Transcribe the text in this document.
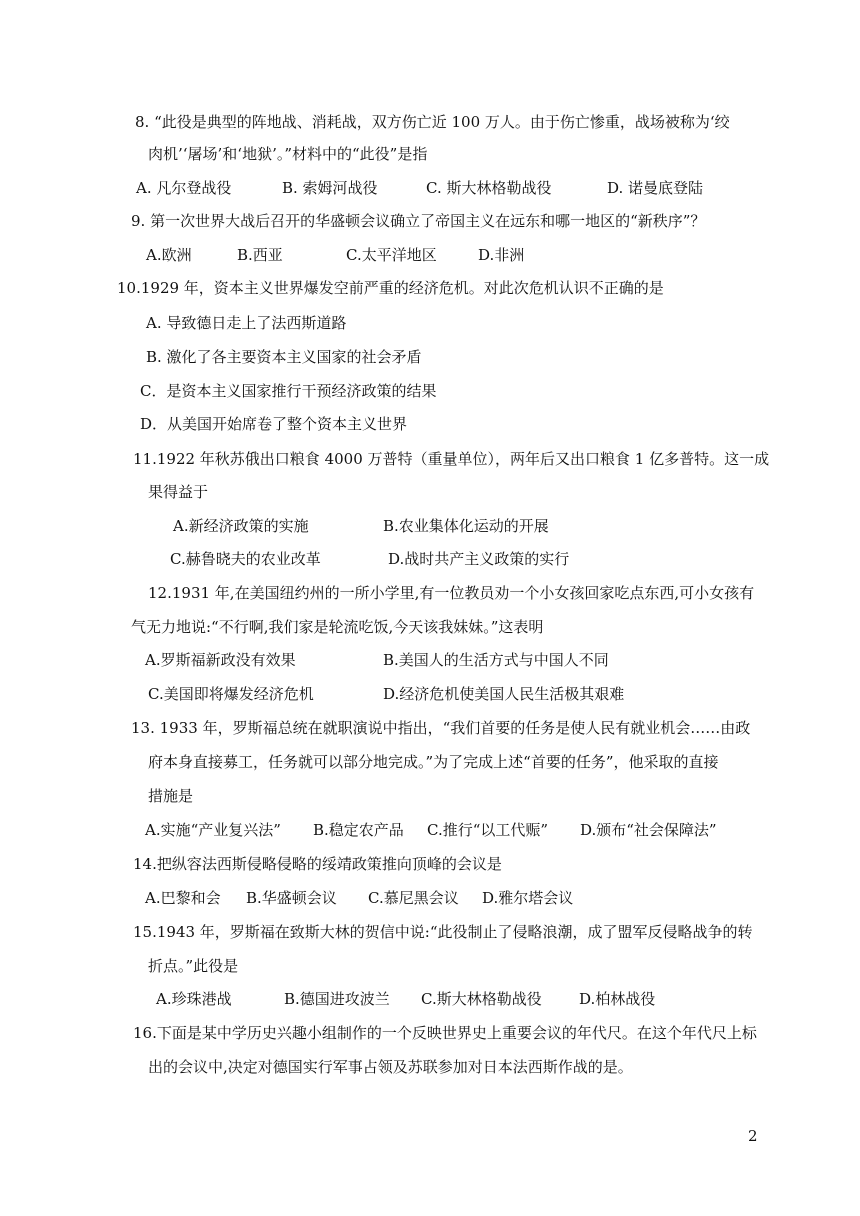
8. “此役是典型的阵地战、消耗战，双方伤亡近 100 万人。由于伤亡惨重，战场被称为‘绞
肉机’‘屠场’和‘地狱’。”材料中的“此役”是指
A. 凡尔登战役	B. 索姆河战役	C. 斯大林格勒战役	D. 诺曼底登陆
9. 第一次世界大战后召开的华盛顿会议确立了帝国主义在远东和哪一地区的“新秩序”？
A.欧洲	B.西亚	C.太平洋地区	D.非洲
10.1929 年，资本主义世界爆发空前严重的经济危机。对此次危机认识不正确的是
A. 导致德日走上了法西斯道路
B. 激化了各主要资本主义国家的社会矛盾
C．是资本主义国家推行干预经济政策的结果
D．从美国开始席卷了整个资本主义世界
11.1922 年秋苏俄出口粮食 4000 万普特（重量单位），两年后又出口粮食 1 亿多普特。这一成
果得益于
A.新经济政策的实施	B.农业集体化运动的开展
C.赫鲁晓夫的农业改革	D.战时共产主义政策的实行
12.1931 年,在美国纽约州的一所小学里,有一位教员劝一个小女孩回家吃点东西,可小女孩有
气无力地说:“不行啊,我们家是轮流吃饭,今天该我妹妹。”这表明
A.罗斯福新政没有效果	B.美国人的生活方式与中国人不同
C.美国即将爆发经济危机	D.经济危机使美国人民生活极其艰难
13. 1933 年，罗斯福总统在就职演说中指出，“我们首要的任务是使人民有就业机会……由政
府本身直接募工，任务就可以部分地完成。”为了完成上述“首要的任务”，他采取的直接
措施是
A.实施“产业复兴法” B.稳定农产品 C.推行“以工代赈” D.颁布“社会保障法”
14.把纵容法西斯侵略侵略的绥靖政策推向顶峰的会议是
A.巴黎和会 B.华盛顿会议 C.慕尼黑会议 D.雅尔塔会议
15.1943 年，罗斯福在致斯大林的贺信中说:“此役制止了侵略浪潮，成了盟军反侵略战争的转
折点。”此役是
A.珍珠港战	B.德国进攻波兰 C.斯大林格勒战役 D.柏林战役
16.下面是某中学历史兴趣小组制作的一个反映世界史上重要会议的年代尺。在这个年代尺上标
出的会议中,决定对德国实行军事占领及苏联参加对日本法西斯作战的是。
2
